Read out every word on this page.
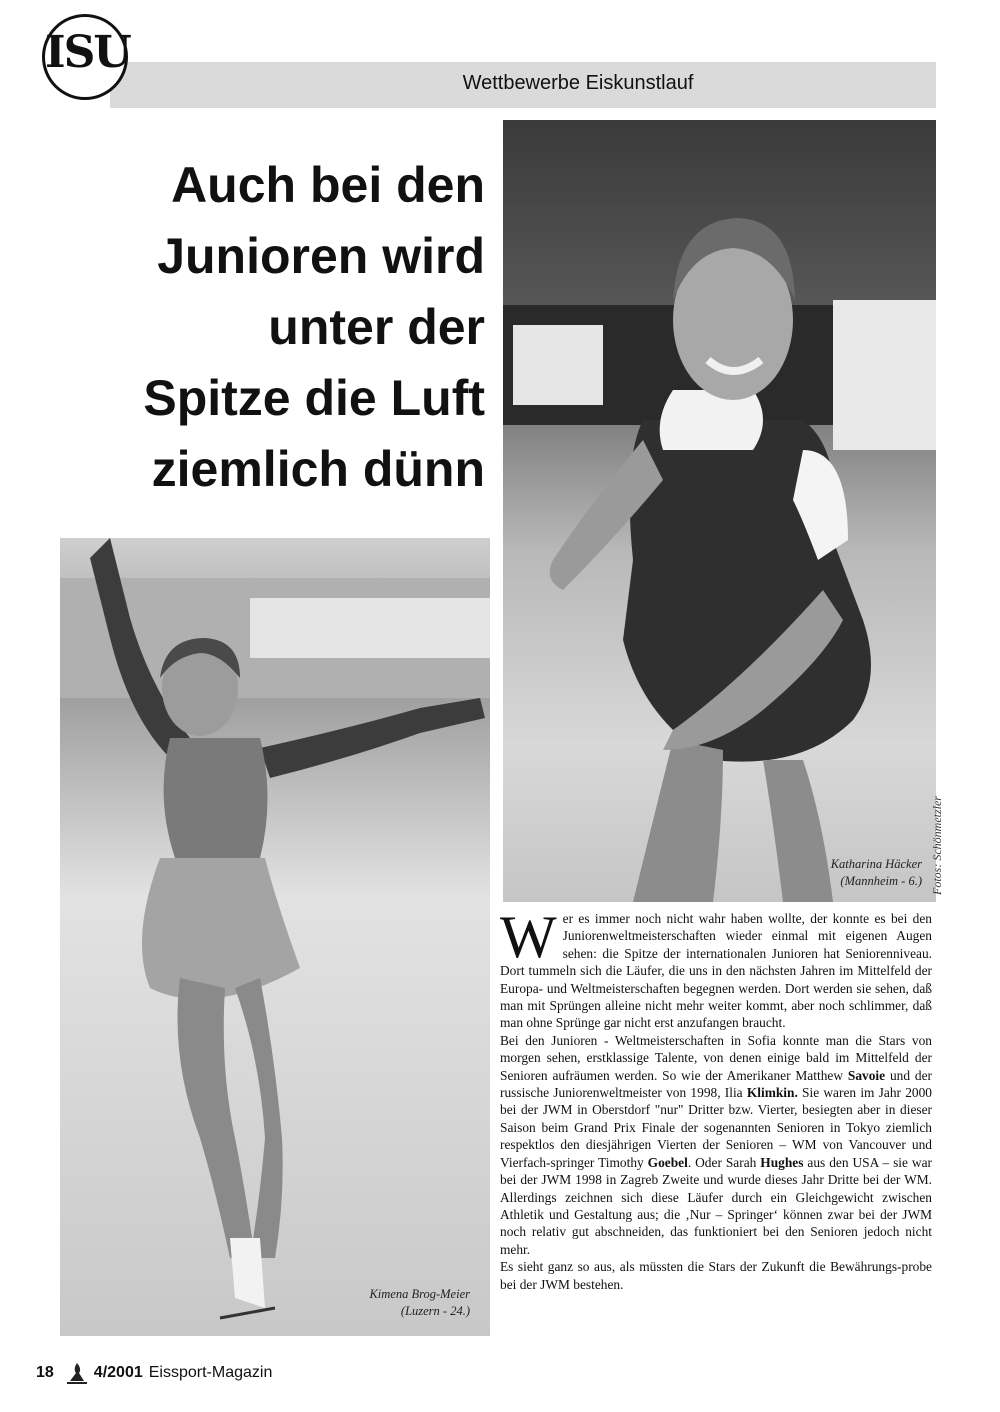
ISU
Wettbewerbe Eiskunstlauf
Auch bei den
Junioren wird
unter der
Spitze die Luft
ziemlich dünn
Katharina Häcker
(Mannheim - 6.) Fotos: Schönmetzler
Kimena Brog-Meier
(Luzern - 24.)

Wer es immer noch nicht wahr haben wollte, der konnte es bei den Juniorenweltmeisterschaften wieder einmal mit eigenen Augen sehen: die Spitze der internationalen Junioren hat Seniorenniveau. Dort tummeln sich die Läufer, die uns in den nächsten Jahren im Mittelfeld der Europa- und Weltmeisterschaften begegnen werden. Dort werden sie sehen, daß man mit Sprüngen alleine nicht mehr weiter kommt, aber noch schlimmer, daß man ohne Sprünge gar nicht erst anzufangen braucht.

Bei den Junioren - Weltmeisterschaften in Sofia konnte man die Stars von morgen sehen, erstklassige Talente, von denen einige bald im Mittelfeld der Senioren aufräumen werden. So wie der Amerikaner Matthew Savoie und der russische Juniorenweltmeister von 1998, Ilia Klimkin. Sie waren im Jahr 2000 bei der JWM in Oberstdorf "nur" Dritter bzw. Vierter, besiegten aber in dieser Saison beim Grand Prix Finale der sogenannten Senioren in Tokyo ziemlich respektlos den diesjährigen Vierten der Senioren – WM von Vancouver und Vierfach-springer Timothy Goebel. Oder Sarah Hughes aus den USA – sie war bei der JWM 1998 in Zagreb Zweite und wurde dieses Jahr Dritte bei der WM. Allerdings zeichnen sich diese Läufer durch ein Gleichgewicht zwischen Athletik und Gestaltung aus; die ‚Nur – Springer‘ können zwar bei der JWM noch relativ gut abschneiden, das funktioniert bei den Senioren jedoch nicht mehr.

Es sieht ganz so aus, als müssten die Stars der Zukunft die Bewährungs-probe bei der JWM bestehen.

18	4/2001 Eissport-Magazin
